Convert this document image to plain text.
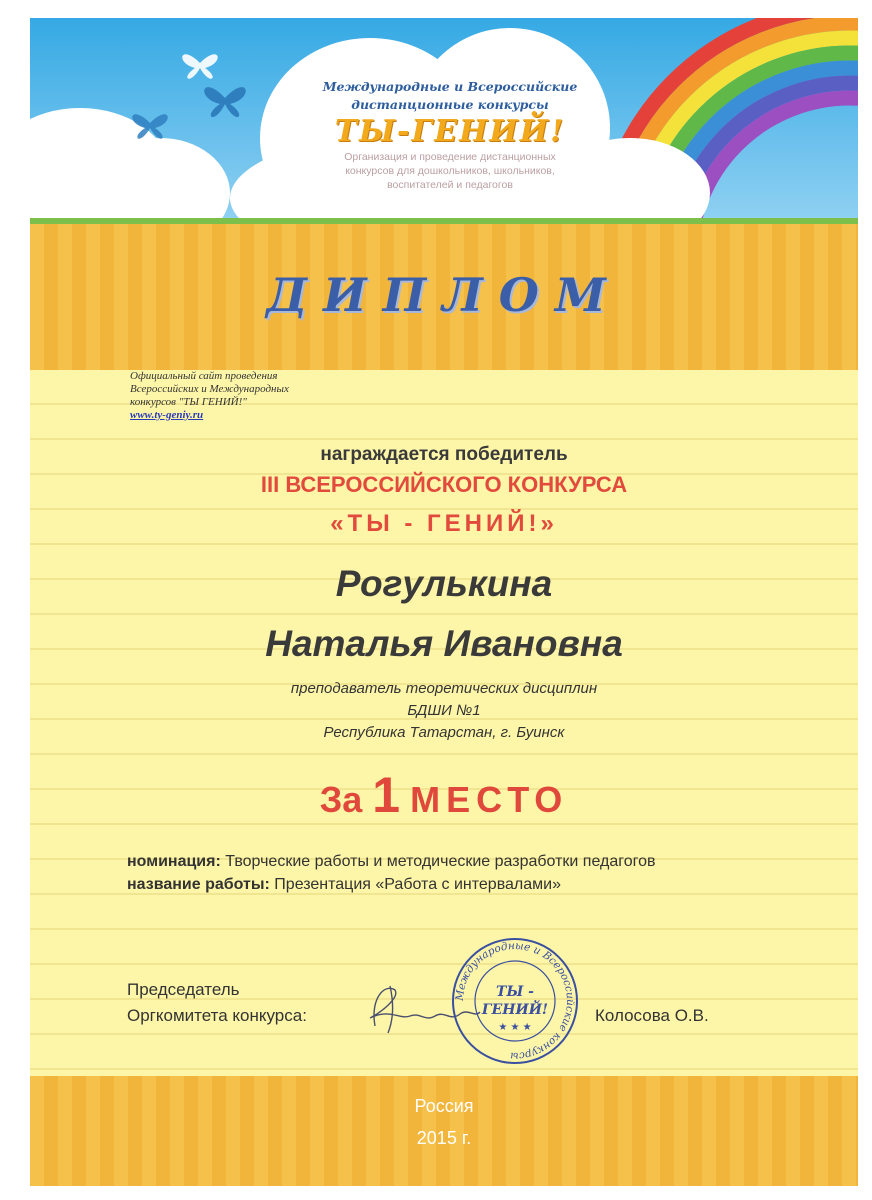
Международные и Всероссийские
дистанционные конкурсы
ТЫ-ГЕНИЙ!
Организация и проведение дистанционных
конкурсов для дошкольников, школьников,
воспитателей и педагогов
ДИПЛОМ
Официальный сайт проведения
Всероссийских и Международных
конкурсов "ТЫ ГЕНИЙ!"
www.ty-geniy.ru
награждается победитель
III ВСЕРОССИЙСКОГО КОНКУРСА
«ТЫ - ГЕНИЙ!»
Рогулькина
Наталья Ивановна
преподаватель теоретических дисциплин
БДШИ №1
Республика Татарстан, г. Буинск
За 1 МЕСТО
номинация: Творческие работы и методические разработки педагогов
название работы: Презентация «Работа с интервалами»
Председатель
Оргкомитета конкурса:	Колосова О.В.
Международные и Всероссийские конкурсы
ТЫ -
ГЕНИЙ!
★ ★ ★
Россия
2015 г.
